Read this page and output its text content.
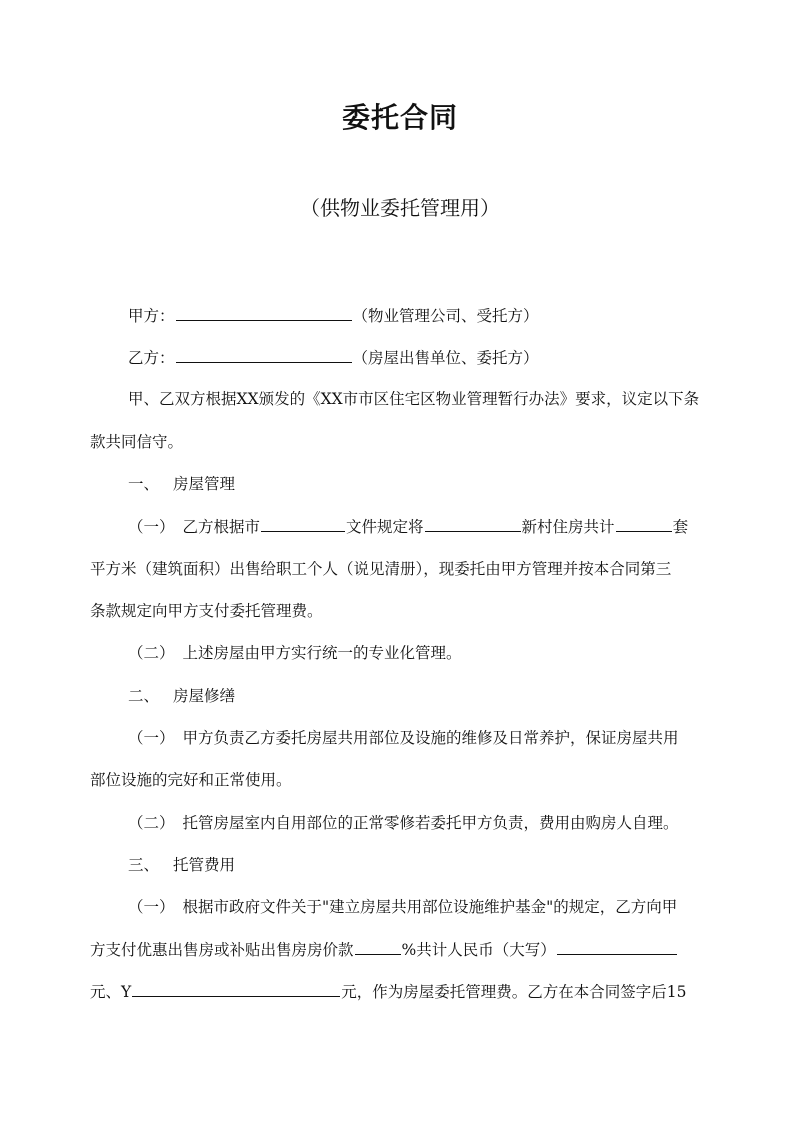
委托合同
（供物业委托管理用）
甲方：	（物业管理公司、受托方）
乙方：	（房屋出售单位、委托方）
甲、乙双方根据XX颁发的《XX市市区住宅区物业管理暂行办法》要求，议定以下条
款共同信守。
一、 房屋管理
（一） 乙方根据市	文件规定将	新村住房共计	套
平方米（建筑面积）出售给职工个人（说见清册），现委托由甲方管理并按本合同第三
条款规定向甲方支付委托管理费。
（二） 上述房屋由甲方实行统一的专业化管理。
二、 房屋修缮
（一） 甲方负责乙方委托房屋共用部位及设施的维修及日常养护，保证房屋共用
部位设施的完好和正常使用。
（二） 托管房屋室内自用部位的正常零修若委托甲方负责，费用由购房人自理。
三、 托管费用
（一） 根据市政府文件关于"建立房屋共用部位设施维护基金"的规定，乙方向甲
方支付优惠出售房或补贴出售房房价款	%共计人民币（大写）
元、Y	元，作为房屋委托管理费。乙方在本合同签字后15
